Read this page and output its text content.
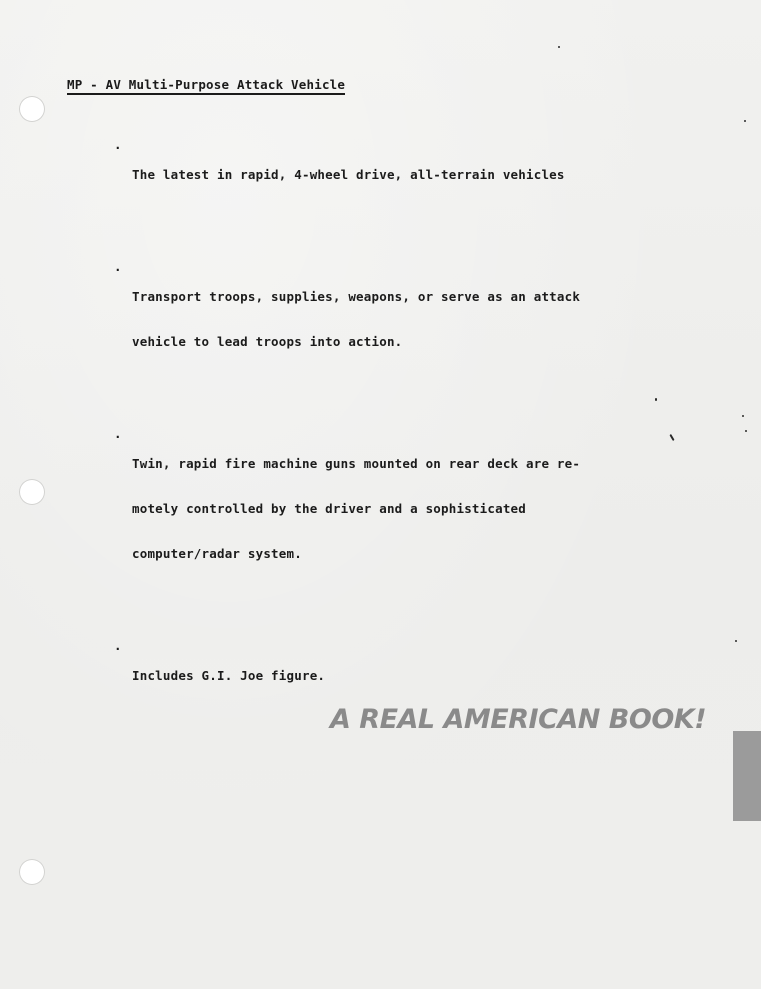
MP - AV Multi-Purpose Attack Vehicle

.

The latest in rapid, 4-wheel drive, all-terrain vehicles

.

Transport troops, supplies, weapons, or serve as an attack

vehicle to lead troops into action.

.

Twin, rapid fire machine guns mounted on rear deck are re-

motely controlled by the driver and a sophisticated

computer/radar system.

.

Includes G.I. Joe figure.

A REAL AMERICAN BOOK!
